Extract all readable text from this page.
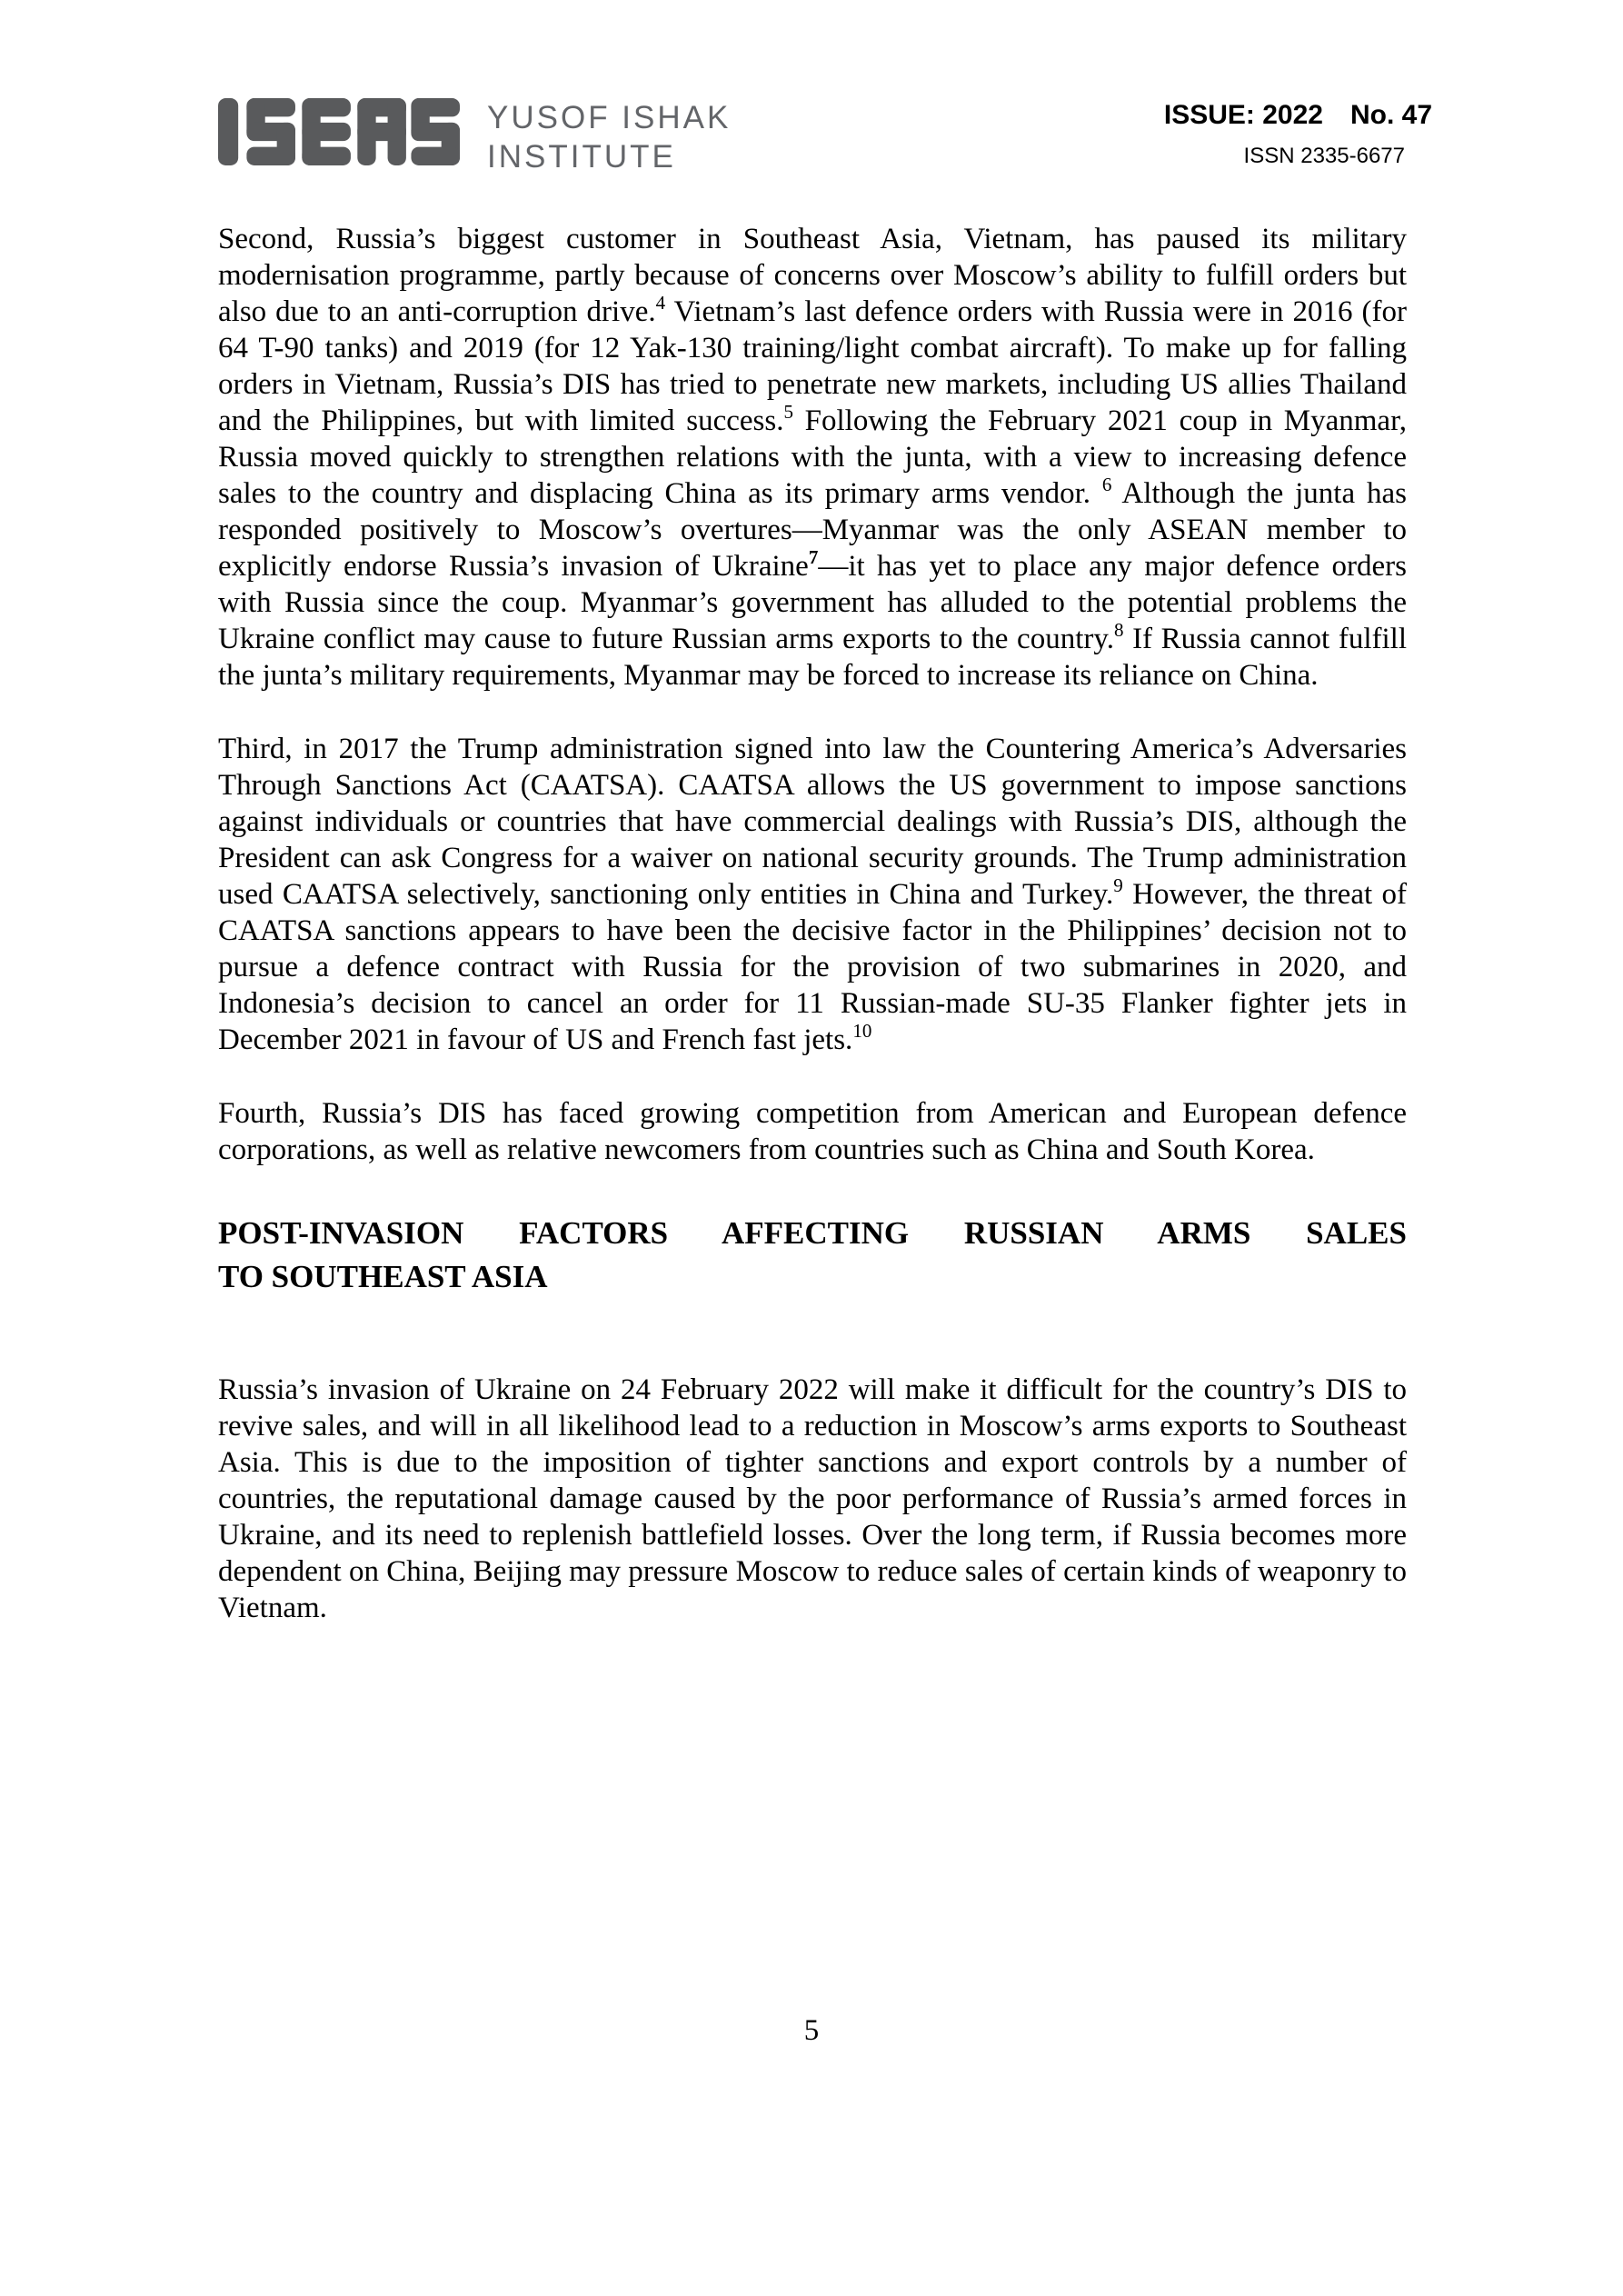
YUSOF ISHAK
INSTITUTE
ISSUE: 2022 No. 47
ISSN 2335-6677

Second, Russia’s biggest customer in Southeast Asia, Vietnam, has paused its military modernisation programme, partly because of concerns over Moscow’s ability to fulfill orders but also due to an anti-corruption drive.$^4$ Vietnam’s last defence orders with Russia were in 2016 (for 64 T-90 tanks) and 2019 (for 12 Yak-130 training/light combat aircraft). To make up for falling orders in Vietnam, Russia’s DIS has tried to penetrate new markets, including US allies Thailand and the Philippines, but with limited success.$^5$ Following the February 2021 coup in Myanmar, Russia moved quickly to strengthen relations with the junta, with a view to increasing defence sales to the country and displacing China as its primary arms vendor. $^6$ Although the junta has responded positively to Moscow’s overtures—Myanmar was the only ASEAN member to explicitly endorse Russia’s invasion of Ukraine$^7$—it has yet to place any major defence orders with Russia since the coup. Myanmar’s government has alluded to the potential problems the Ukraine conflict may cause to future Russian arms exports to the country.$^8$ If Russia cannot fulfill the junta’s military requirements, Myanmar may be forced to increase its reliance on China.

Third, in 2017 the Trump administration signed into law the Countering America’s Adversaries Through Sanctions Act (CAATSA). CAATSA allows the US government to impose sanctions against individuals or countries that have commercial dealings with Russia’s DIS, although the President can ask Congress for a waiver on national security grounds. The Trump administration used CAATSA selectively, sanctioning only entities in China and Turkey.$^9$ However, the threat of CAATSA sanctions appears to have been the decisive factor in the Philippines’ decision not to pursue a defence contract with Russia for the provision of two submarines in 2020, and Indonesia’s decision to cancel an order for 11 Russian-made SU-35 Flanker fighter jets in December 2021 in favour of US and French fast jets.$^{10}$

Fourth, Russia’s DIS has faced growing competition from American and European defence corporations, as well as relative newcomers from countries such as China and South Korea.

POST-INVASION FACTORS AFFECTING RUSSIAN ARMS SALES
TO SOUTHEAST ASIA

Russia’s invasion of Ukraine on 24 February 2022 will make it difficult for the country’s DIS to revive sales, and will in all likelihood lead to a reduction in Moscow’s arms exports to Southeast Asia. This is due to the imposition of tighter sanctions and export controls by a number of countries, the reputational damage caused by the poor performance of Russia’s armed forces in Ukraine, and its need to replenish battlefield losses. Over the long term, if Russia becomes more dependent on China, Beijing may pressure Moscow to reduce sales of certain kinds of weaponry to Vietnam.

5
